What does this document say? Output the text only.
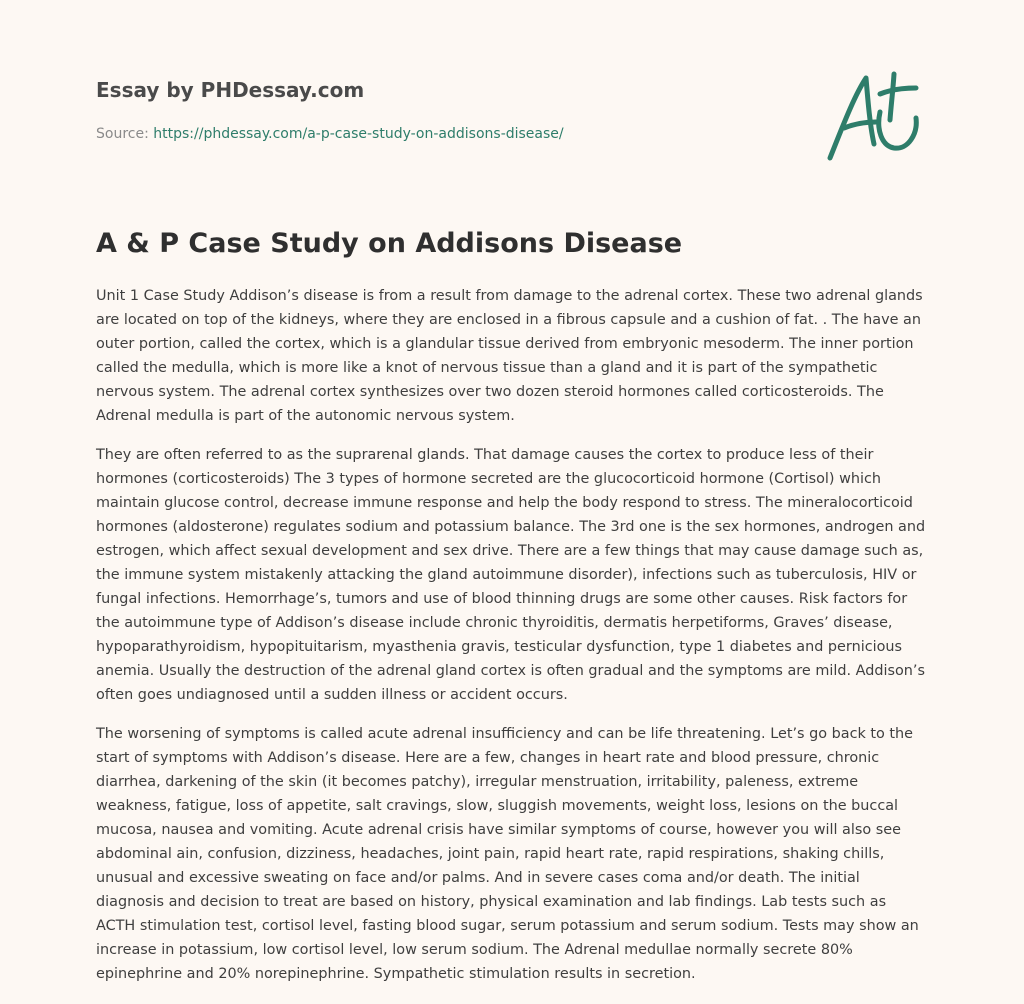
Essay by PHDessay.com
Source: https://phdessay.com/a-p-case-study-on-addisons-disease/
A & P Case Study on Addisons Disease

Unit 1 Case Study Addison’s disease is from a result from damage to the adrenal cortex. These two adrenal glands are located on top of the kidneys, where they are enclosed in a fibrous capsule and a cushion of fat. . The have an outer portion, called the cortex, which is a glandular tissue derived from embryonic mesoderm. The inner portion called the medulla, which is more like a knot of nervous tissue than a gland and it is part of the sympathetic nervous system. The adrenal cortex synthesizes over two dozen steroid hormones called corticosteroids. The Adrenal medulla is part of the autonomic nervous system.

They are often referred to as the suprarenal glands. That damage causes the cortex to produce less of their hormones (corticosteroids) The 3 types of hormone secreted are the glucocorticoid hormone (Cortisol) which maintain glucose control, decrease immune response and help the body respond to stress. The mineralocorticoid hormones (aldosterone) regulates sodium and potassium balance. The 3rd one is the sex hormones, androgen and estrogen, which affect sexual development and sex drive. There are a few things that may cause damage such as, the immune system mistakenly attacking the gland autoimmune disorder), infections such as tuberculosis, HIV or fungal infections. Hemorrhage’s, tumors and use of blood thinning drugs are some other causes. Risk factors for the autoimmune type of Addison’s disease include chronic thyroiditis, dermatis herpetiforms, Graves’ disease, hypoparathyroidism, hypopituitarism, myasthenia gravis, testicular dysfunction, type 1 diabetes and pernicious anemia. Usually the destruction of the adrenal gland cortex is often gradual and the symptoms are mild. Addison’s often goes undiagnosed until a sudden illness or accident occurs.

The worsening of symptoms is called acute adrenal insufficiency and can be life threatening. Let’s go back to the start of symptoms with Addison’s disease. Here are a few, changes in heart rate and blood pressure, chronic diarrhea, darkening of the skin (it becomes patchy), irregular menstruation, irritability, paleness, extreme weakness, fatigue, loss of appetite, salt cravings, slow, sluggish movements, weight loss, lesions on the buccal mucosa, nausea and vomiting. Acute adrenal crisis have similar symptoms of course, however you will also see abdominal ain, confusion, dizziness, headaches, joint pain, rapid heart rate, rapid respirations, shaking chills, unusual and excessive sweating on face and/or palms. And in severe cases coma and/or death. The initial diagnosis and decision to treat are based on history, physical examination and lab findings. Lab tests such as ACTH stimulation test, cortisol level, fasting blood sugar, serum potassium and serum sodium. Tests may show an increase in potassium, low cortisol level, low serum sodium. The Adrenal medullae normally secrete 80% epinephrine and 20% norepinephrine. Sympathetic stimulation results in secretion.
